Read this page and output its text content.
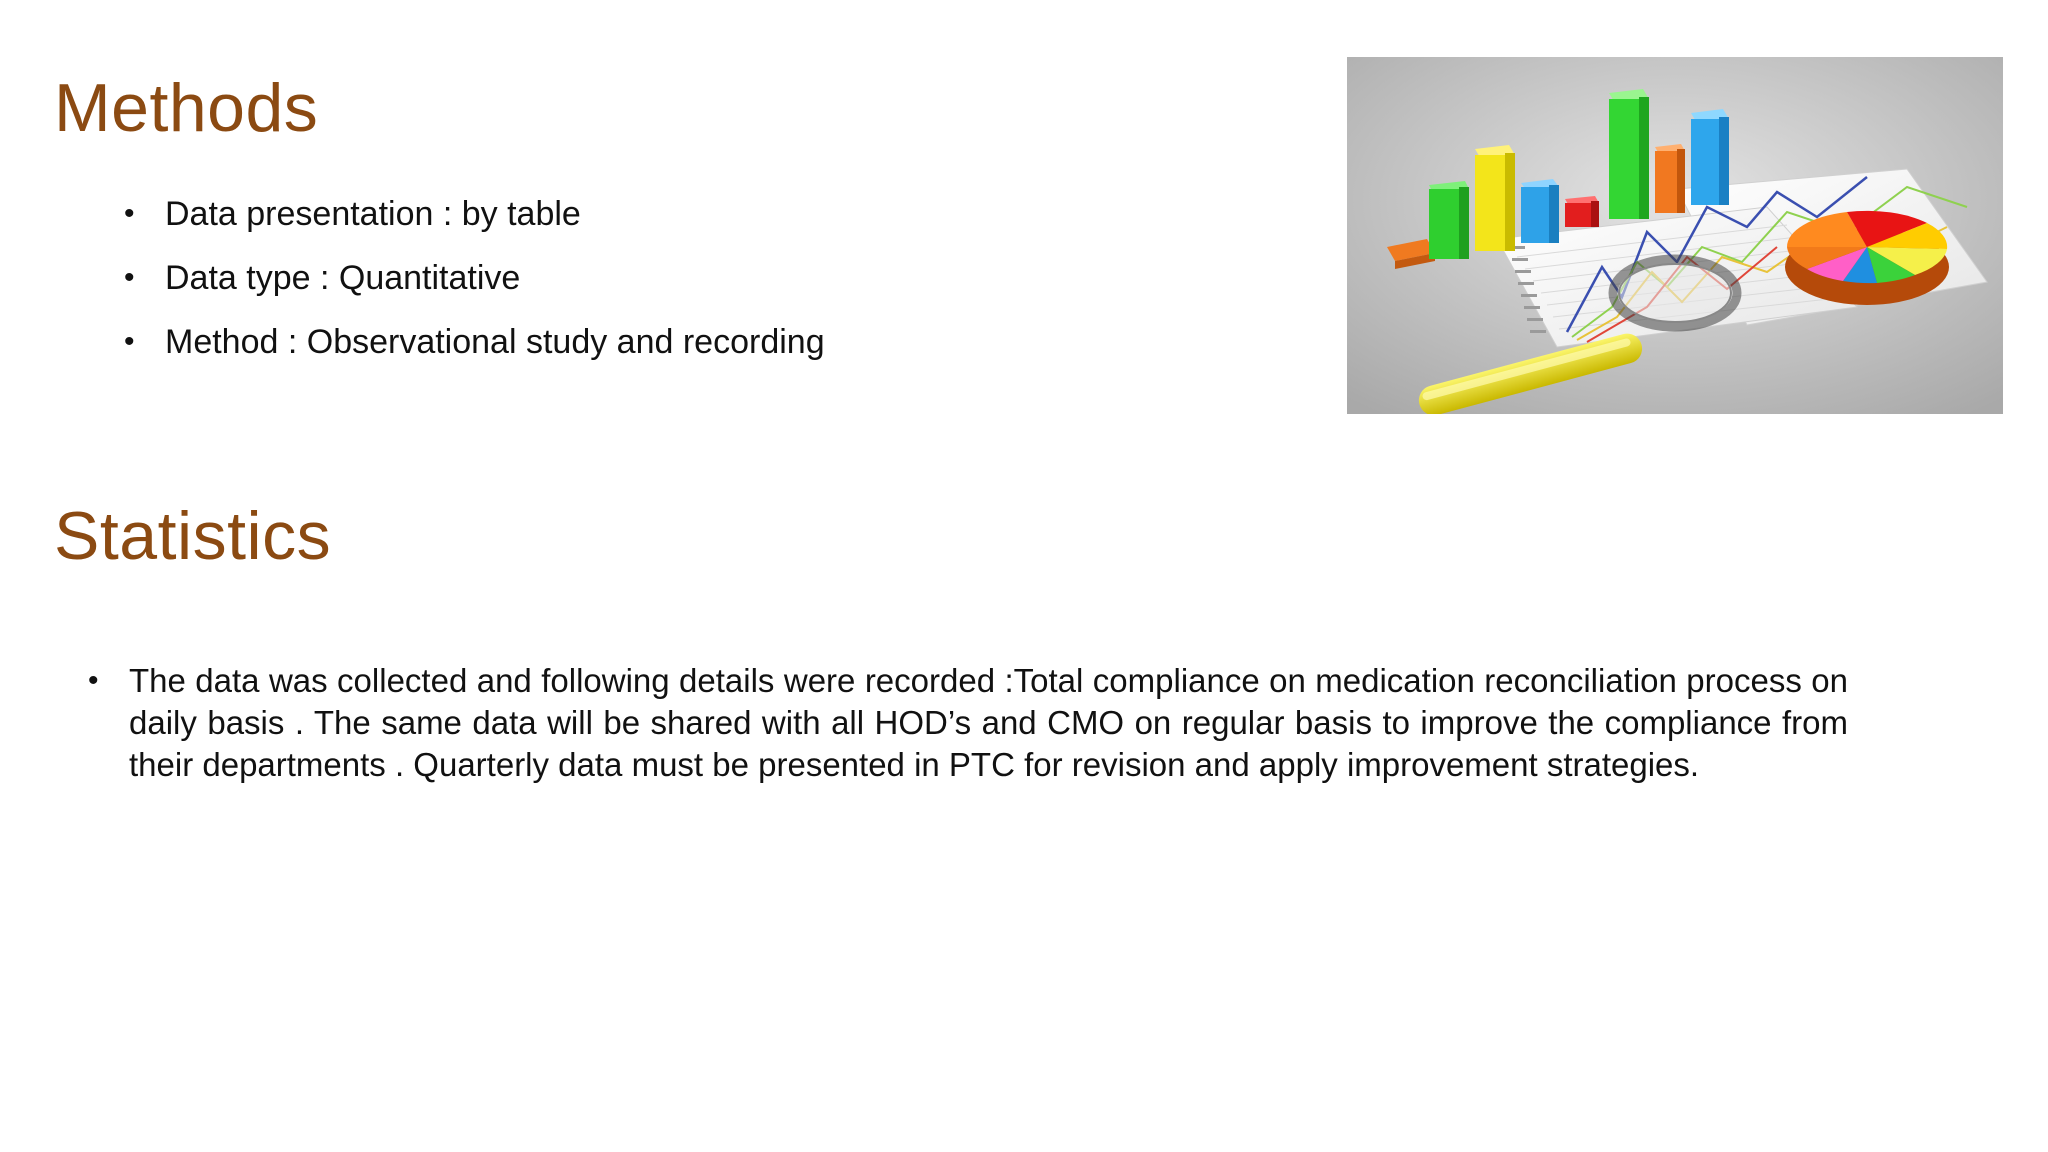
Methods
• Data presentation : by table
• Data type : Quantitative
• Method : Observational study and recording
Statistics
• The data was collected and following details were recorded :Total compliance on medication reconciliation process on daily basis . The same data will be shared with all HOD’s and CMO on regular basis to improve the compliance from their departments . Quarterly data must be presented in PTC for revision and apply improvement strategies.
